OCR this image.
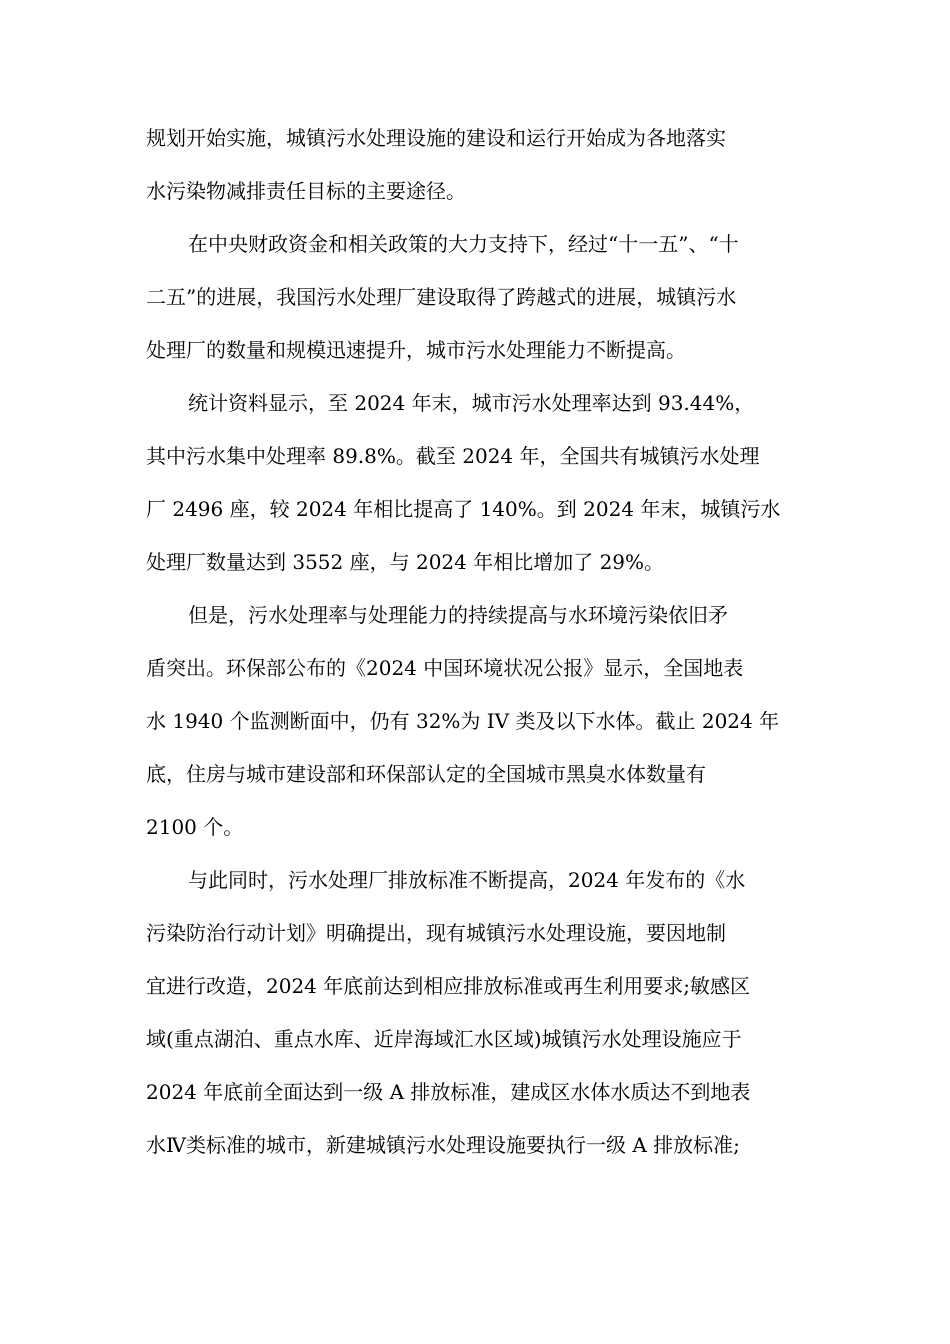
规划开始实施，城镇污水处理设施的建设和运行开始成为各地落实
水污染物减排责任目标的主要途径。
在中央财政资金和相关政策的大力支持下，经过“十一五”、“十
二五”的进展，我国污水处理厂建设取得了跨越式的进展，城镇污水
处理厂的数量和规模迅速提升，城市污水处理能力不断提高。
统计资料显示，至 2024 年末，城市污水处理率达到 93.44%，
其中污水集中处理率 89.8%。截至 2024 年，全国共有城镇污水处理
厂 2496 座，较 2024 年相比提高了 140%。到 2024 年末，城镇污水
处理厂数量达到 3552 座，与 2024 年相比增加了 29%。
但是，污水处理率与处理能力的持续提高与水环境污染依旧矛
盾突出。环保部公布的《2024 中国环境状况公报》显示，全国地表
水 1940 个监测断面中，仍有 32%为 IV 类及以下水体。截止 2024 年
底，住房与城市建设部和环保部认定的全国城市黑臭水体数量有
2100 个。
与此同时，污水处理厂排放标准不断提高，2024 年发布的《水
污染防治行动计划》明确提出，现有城镇污水处理设施，要因地制
宜进行改造，2024 年底前达到相应排放标准或再生利用要求;敏感区
域(重点湖泊、重点水库、近岸海域汇水区域)城镇污水处理设施应于
2024 年底前全面达到一级 A 排放标准，建成区水体水质达不到地表
水Ⅳ类标准的城市，新建城镇污水处理设施要执行一级 A 排放标准;
